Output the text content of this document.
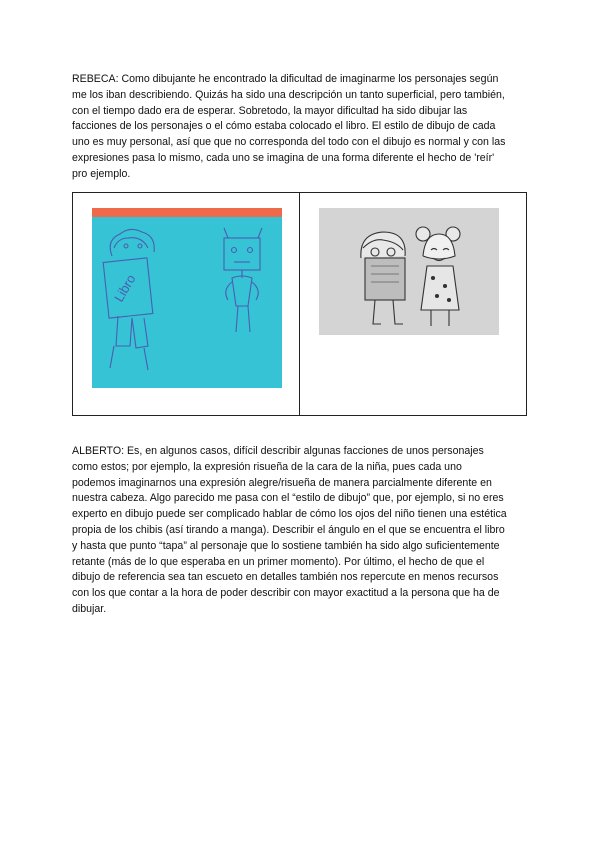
REBECA: Como dibujante he encontrado la dificultad de imaginarme los personajes según
me los iban describiendo. Quizás ha sido una descripción un tanto superficial, pero también,
con el tiempo dado era de esperar. Sobretodo, la mayor dificultad ha sido dibujar las
facciones de los personajes o el cómo estaba colocado el libro. El estilo de dibujo de cada
uno es muy personal, así que que no corresponda del todo con el dibujo es normal y con las
expresiones pasa lo mismo, cada uno se imagina de una forma diferente el hecho de 'reír'
pro ejemplo.
Libro
ALBERTO: Es, en algunos casos, difícil describir algunas facciones de unos personajes
como estos; por ejemplo, la expresión risueña de la cara de la niña, pues cada uno
podemos imaginarnos una expresión alegre/risueña de manera parcialmente diferente en
nuestra cabeza. Algo parecido me pasa con el “estilo de dibujo” que, por ejemplo, si no eres
experto en dibujo puede ser complicado hablar de cómo los ojos del niño tienen una estética
propia de los chibis (así tirando a manga). Describir el ángulo en el que se encuentra el libro
y hasta que punto “tapa” al personaje que lo sostiene también ha sido algo suficientemente
retante (más de lo que esperaba en un primer momento). Por último, el hecho de que el
dibujo de referencia sea tan escueto en detalles también nos repercute en menos recursos
con los que contar a la hora de poder describir con mayor exactitud a la persona que ha de
dibujar.
